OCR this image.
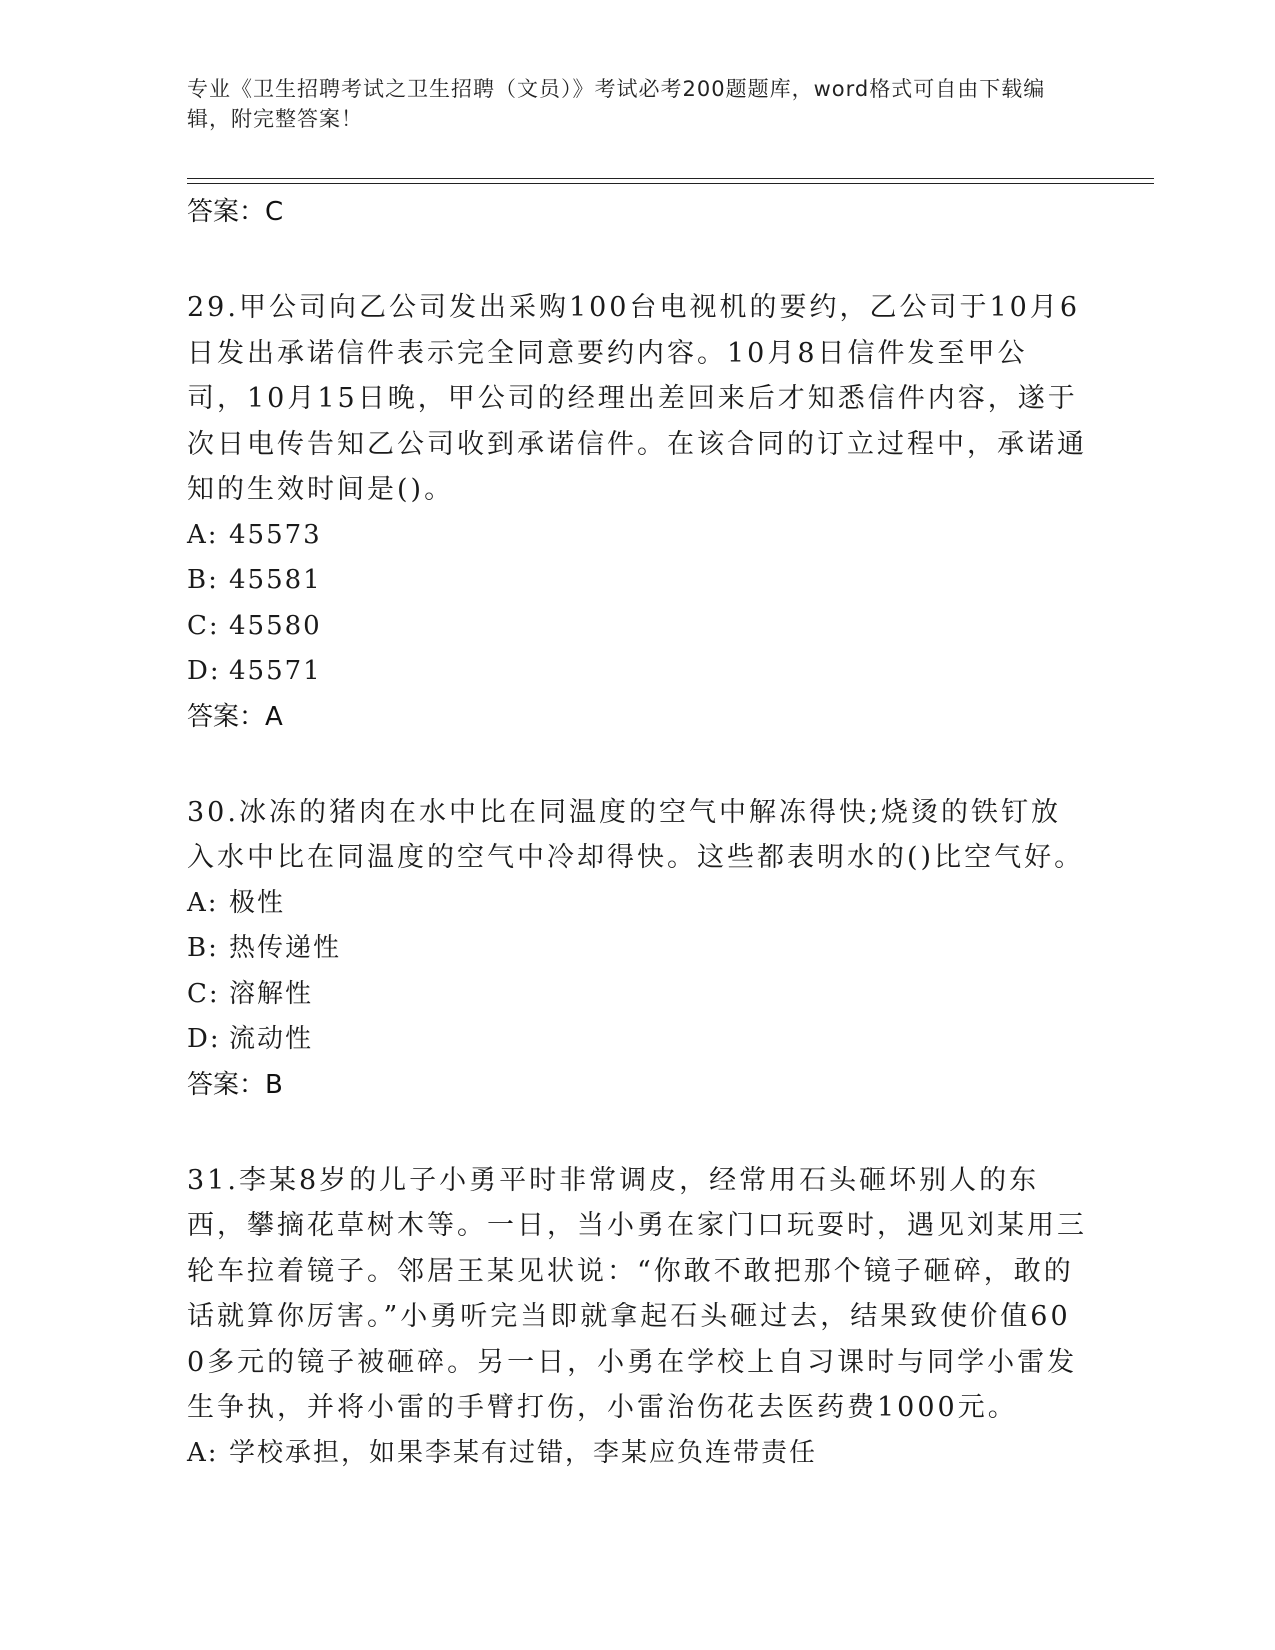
专业《卫生招聘考试之卫生招聘（文员）》考试必考200题题库，word格式可自由下载编辑，附完整答案！
答案：C
29.甲公司向乙公司发出采购100台电视机的要约，乙公司于10月6日发出承诺信件表示完全同意要约内容。10月8日信件发至甲公司，10月15日晚，甲公司的经理出差回来后才知悉信件内容，遂于次日电传告知乙公司收到承诺信件。在该合同的订立过程中，承诺通知的生效时间是()。
A: 45573
B: 45581
C: 45580
D: 45571
答案：A
30.冰冻的猪肉在水中比在同温度的空气中解冻得快;烧烫的铁钉放入水中比在同温度的空气中冷却得快。这些都表明水的()比空气好。
A: 极性
B: 热传递性
C: 溶解性
D: 流动性
答案：B
31.李某8岁的儿子小勇平时非常调皮，经常用石头砸坏别人的东西，攀摘花草树木等。一日，当小勇在家门口玩耍时，遇见刘某用三轮车拉着镜子。邻居王某见状说：“你敢不敢把那个镜子砸碎，敢的话就算你厉害。”小勇听完当即就拿起石头砸过去，结果致使价值600多元的镜子被砸碎。另一日，小勇在学校上自习课时与同学小雷发生争执，并将小雷的手臂打伤，小雷治伤花去医药费1000元。
A: 学校承担，如果李某有过错，李某应负连带责任
